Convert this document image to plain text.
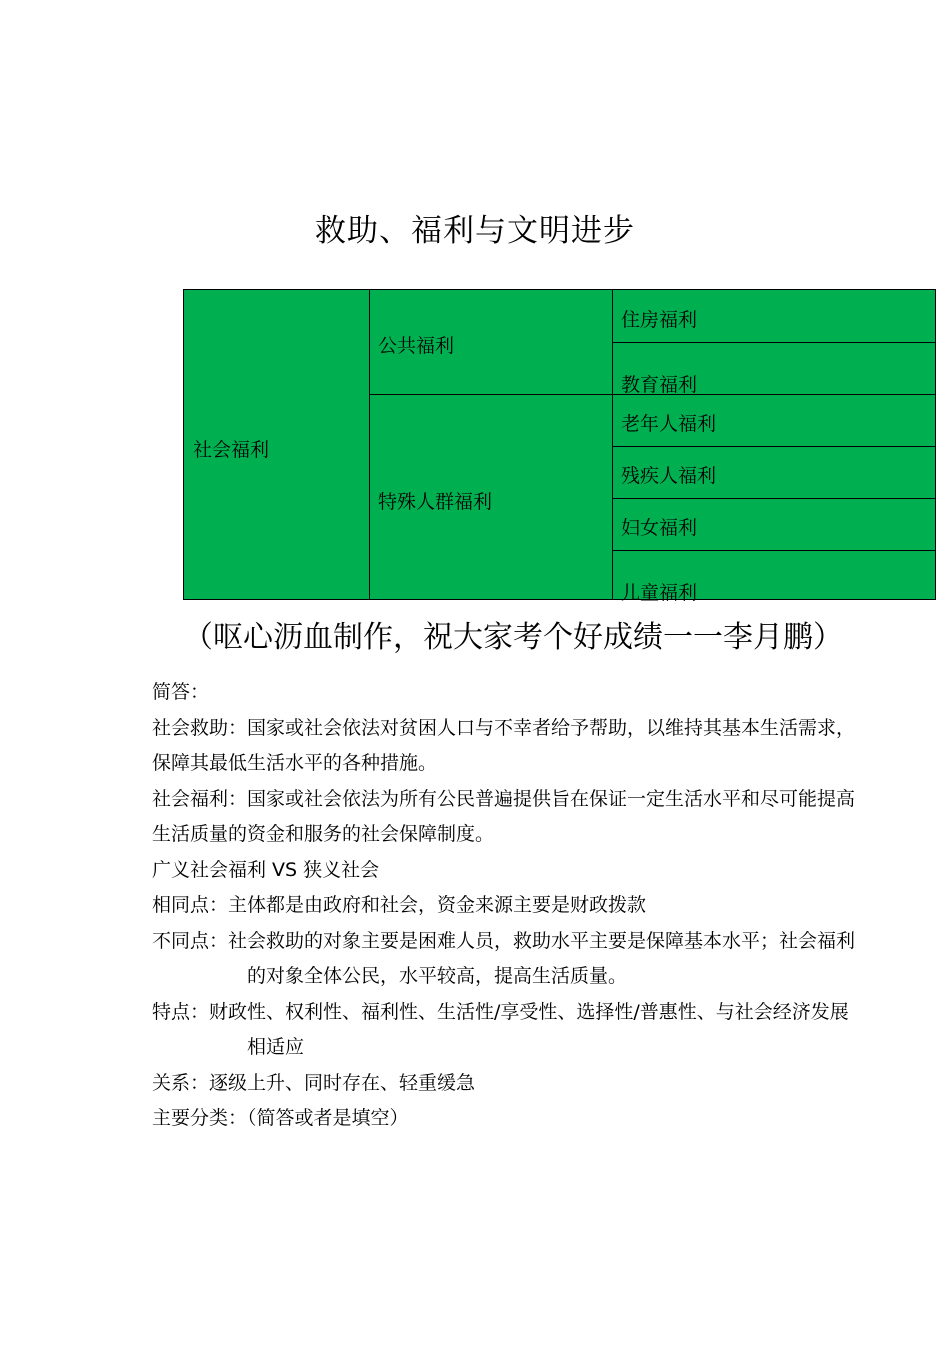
救助、福利与文明进步
社会福利
公共福利
特殊人群福利
住房福利
教育福利
老年人福利
残疾人福利
妇女福利
儿童福利
（呕心沥血制作，祝大家考个好成绩一一李月鹏）
简答：
社会救助：国家或社会依法对贫困人口与不幸者给予帮助，以维持其基本生活需求，
保障其最低生活水平的各种措施。
社会福利：国家或社会依法为所有公民普遍提供旨在保证一定生活水平和尽可能提高
生活质量的资金和服务的社会保障制度。
广义社会福利 VS 狭义社会
相同点：主体都是由政府和社会，资金来源主要是财政拨款
不同点：社会救助的对象主要是困难人员，救助水平主要是保障基本水平；社会福利
的对象全体公民，水平较高，提高生活质量。
特点：财政性、权利性、福利性、生活性/享受性、选择性/普惠性、与社会经济发展
相适应
关系：逐级上升、同时存在、轻重缓急
主要分类：（简答或者是填空）
